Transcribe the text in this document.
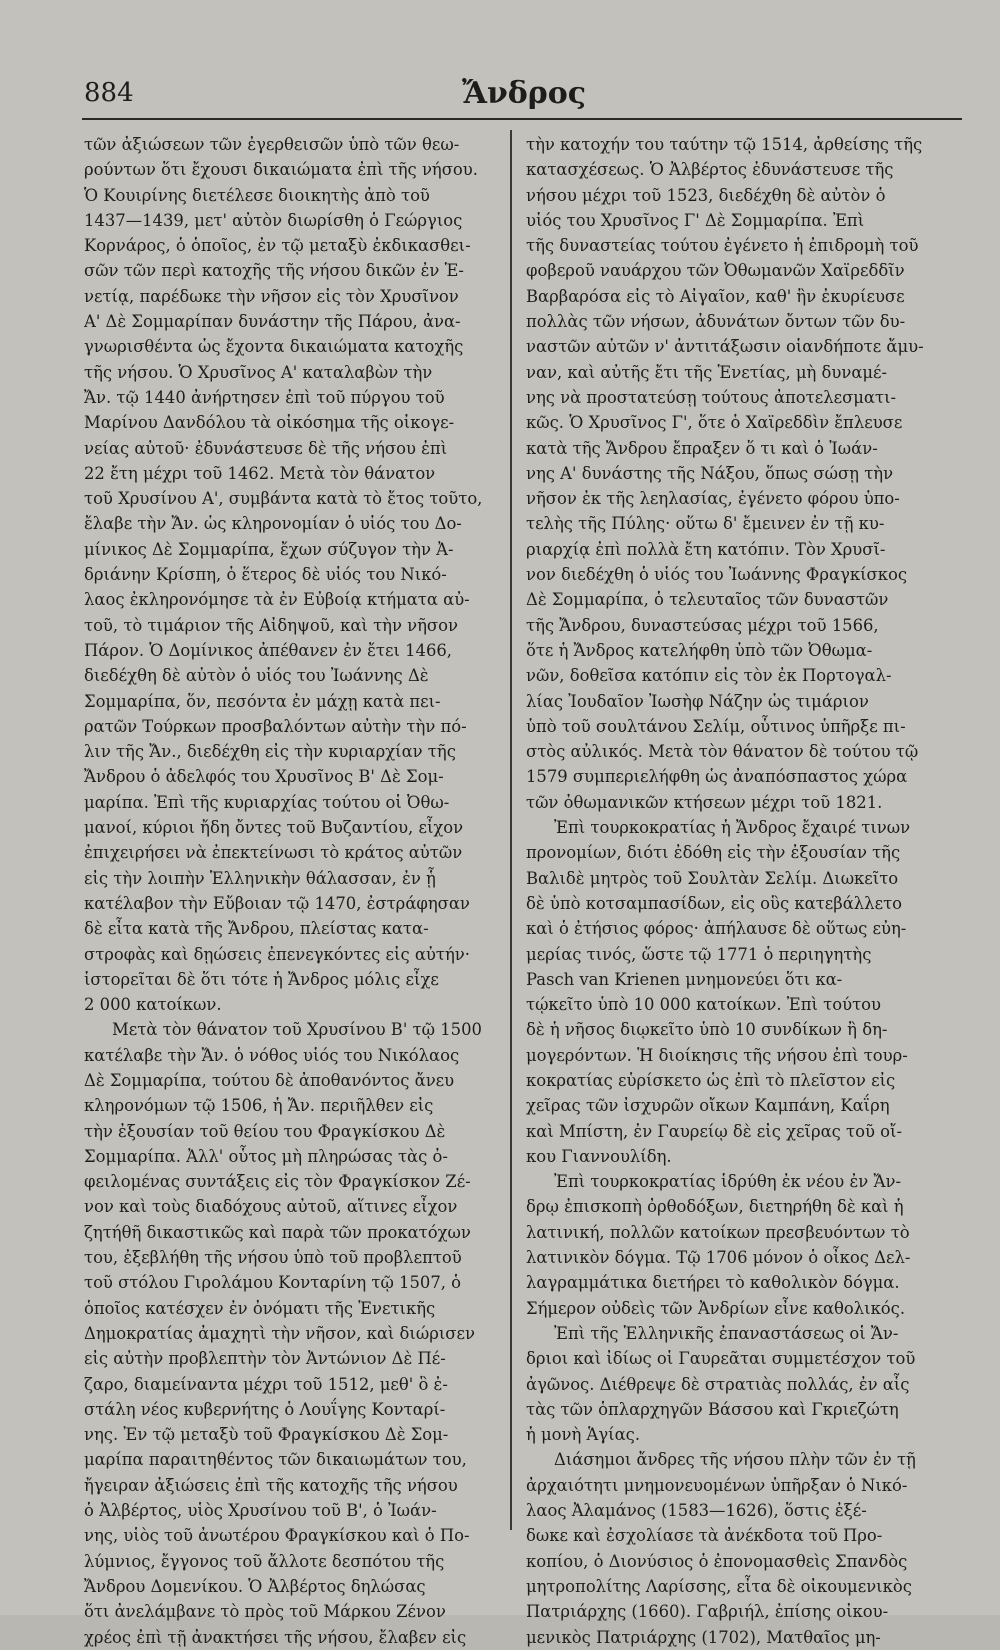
884	Ἄνδρος
τῶν ἀξιώσεων τῶν ἐγερθεισῶν ὑπὸ τῶν θεω-
ρούντων ὅτι ἔχουσι δικαιώματα ἐπὶ τῆς νήσου.
Ὁ Κουιρίνης διετέλεσε διοικητὴς ἀπὸ τοῦ
1437—1439, μετ' αὐτὸν διωρίσθη ὁ Γεώργιος
Κορνάρος, ὁ ὁποῖος, ἐν τῷ μεταξὺ ἐκδικασθει-
σῶν τῶν περὶ κατοχῆς τῆς νήσου δικῶν ἐν Ἑ-
νετίᾳ, παρέδωκε τὴν νῆσον εἰς τὸν Χρυσῖνον
Α' Δὲ Σομμαρίπαν δυνάστην τῆς Πάρου, ἀνα-
γνωρισθέντα ὡς ἔχοντα δικαιώματα κατοχῆς
τῆς νήσου. Ὁ Χρυσῖνος Α' καταλαβὼν τὴν
Ἄν. τῷ 1440 ἀνήρτησεν ἐπὶ τοῦ πύργου τοῦ
Μαρίνου Δανδόλου τὰ οἰκόσημα τῆς οἰκογε-
νείας αὐτοῦ· ἐδυνάστευσε δὲ τῆς νήσου ἐπὶ
22 ἔτη μέχρι τοῦ 1462. Μετὰ τὸν θάνατον
τοῦ Χρυσίνου Α', συμβάντα κατὰ τὸ ἔτος τοῦτο,
ἔλαβε τὴν Ἄν. ὡς κληρονομίαν ὁ υἱός του Δο-
μίνικος Δὲ Σομμαρίπα, ἔχων σύζυγον τὴν Ἀ-
δριάνην Κρίσπη, ὁ ἕτερος δὲ υἱός του Νικό-
λαος ἐκληρονόμησε τὰ ἐν Εὐβοίᾳ κτήματα αὐ-
τοῦ, τὸ τιμάριον τῆς Αἰδηψοῦ, καὶ τὴν νῆσον
Πάρον. Ὁ Δομίνικος ἀπέθανεν ἐν ἔτει 1466,
διεδέχθη δὲ αὐτὸν ὁ υἱός του Ἰωάννης Δὲ
Σομμαρίπα, ὅν, πεσόντα ἐν μάχῃ κατὰ πει-
ρατῶν Τούρκων προσβαλόντων αὐτὴν τὴν πό-
λιν τῆς Ἄν., διεδέχθη εἰς τὴν κυριαρχίαν τῆς
Ἄνδρου ὁ ἀδελφός του Χρυσῖνος Β' Δὲ Σομ-
μαρίπα. Ἐπὶ τῆς κυριαρχίας τούτου οἱ Ὀθω-
μανοί, κύριοι ἤδη ὄντες τοῦ Βυζαντίου, εἶχον
ἐπιχειρήσει νὰ ἐπεκτείνωσι τὸ κράτος αὐτῶν
εἰς τὴν λοιπὴν Ἑλληνικὴν θάλασσαν, ἐν ᾗ
κατέλαβον τὴν Εὔβοιαν τῷ 1470, ἐστράφησαν
δὲ εἶτα κατὰ τῆς Ἄνδρου, πλείστας κατα-
στροφὰς καὶ δῃώσεις ἐπενεγκόντες εἰς αὐτήν·
ἱστορεῖται δὲ ὅτι τότε ἡ Ἄνδρος μόλις εἶχε
2 000 κατοίκων.
Μετὰ τὸν θάνατον τοῦ Χρυσίνου Β' τῷ 1500
κατέλαβε τὴν Ἄν. ὁ νόθος υἱός του Νικόλαος
Δὲ Σομμαρίπα, τούτου δὲ ἀποθανόντος ἄνευ
κληρονόμων τῷ 1506, ἡ Ἄν. περιῆλθεν εἰς
τὴν ἐξουσίαν τοῦ θείου του Φραγκίσκου Δὲ
Σομμαρίπα. Ἀλλ' οὗτος μὴ πληρώσας τὰς ὀ-
φειλομένας συντάξεις εἰς τὸν Φραγκίσκον Ζέ-
νον καὶ τοὺς διαδόχους αὐτοῦ, αἵτινες εἶχον
ζητήθῆ δικαστικῶς καὶ παρὰ τῶν προκατόχων
του, ἐξεβλήθη τῆς νήσου ὑπὸ τοῦ προβλεπτοῦ
τοῦ στόλου Γιρολάμου Κονταρίνη τῷ 1507, ὁ
ὁποῖος κατέσχεν ἐν ὀνόματι τῆς Ἑνετικῆς
Δημοκρατίας ἀμαχητὶ τὴν νῆσον, καὶ διώρισεν
εἰς αὐτὴν προβλεπτὴν τὸν Ἀντώνιον Δὲ Πέ-
ζαρο, διαμείναντα μέχρι τοῦ 1512, μεθ' ὃ ἐ-
στάλη νέος κυβερνήτης ὁ Λουΐγης Κονταρί-
νης. Ἐν τῷ μεταξὺ τοῦ Φραγκίσκου Δὲ Σομ-
μαρίπα παραιτηθέντος τῶν δικαιωμάτων του,
ἤγειραν ἀξιώσεις ἐπὶ τῆς κατοχῆς τῆς νήσου
ὁ Ἀλβέρτος, υἱὸς Χρυσίνου τοῦ Β', ὁ Ἰωάν-
νης, υἱὸς τοῦ ἀνωτέρου Φραγκίσκου καὶ ὁ Πο-
λύμνιος, ἔγγονος τοῦ ἄλλοτε δεσπότου τῆς
Ἄνδρου Δομενίκου. Ὁ Ἀλβέρτος δηλώσας
ὅτι ἀνελάμβανε τὸ πρὸς τοῦ Μάρκου Ζένον
χρέος ἐπὶ τῇ ἀνακτήσει τῆς νήσου, ἔλαβεν εἰς
τὴν κατοχήν του ταύτην τῷ 1514, ἀρθείσης τῆς
κατασχέσεως. Ὁ Ἀλβέρτος ἐδυνάστευσε τῆς
νήσου μέχρι τοῦ 1523, διεδέχθη δὲ αὐτὸν ὁ
υἱός του Χρυσῖνος Γ' Δὲ Σομμαρίπα. Ἐπὶ
τῆς δυναστείας τούτου ἐγένετο ἡ ἐπιδρομὴ τοῦ
φοβεροῦ ναυάρχου τῶν Ὀθωμανῶν Χαϊρεδδῖν
Βαρβαρόσα εἰς τὸ Αἰγαῖον, καθ' ἣν ἐκυρίευσε
πολλὰς τῶν νήσων, ἀδυνάτων ὄντων τῶν δυ-
ναστῶν αὐτῶν ν' ἀντιτάξωσιν οἱανδήποτε ἄμυ-
ναν, καὶ αὐτῆς ἔτι τῆς Ἑνετίας, μὴ δυναμέ-
νης νὰ προστατεύσῃ τούτους ἀποτελεσματι-
κῶς. Ὁ Χρυσῖνος Γ', ὅτε ὁ Χαϊρεδδὶν ἔπλευσε
κατὰ τῆς Ἄνδρου ἔπραξεν ὅ τι καὶ ὁ Ἰωάν-
νης Α' δυνάστης τῆς Νάξου, ὅπως σώσῃ τὴν
νῆσον ἐκ τῆς λεηλασίας, ἐγένετο φόρου ὑπο-
τελὴς τῆς Πύλης· οὕτω δ' ἔμεινεν ἐν τῇ κυ-
ριαρχίᾳ ἐπὶ πολλὰ ἔτη κατόπιν. Τὸν Χρυσῖ-
νον διεδέχθη ὁ υἱός του Ἰωάννης Φραγκίσκος
Δὲ Σομμαρίπα, ὁ τελευταῖος τῶν δυναστῶν
τῆς Ἄνδρου, δυναστεύσας μέχρι τοῦ 1566,
ὅτε ἡ Ἄνδρος κατελήφθη ὑπὸ τῶν Ὀθωμα-
νῶν, δοθεῖσα κατόπιν εἰς τὸν ἐκ Πορτογαλ-
λίας Ἰουδαῖον Ἰωσὴφ Νάζην ὡς τιμάριον
ὑπὸ τοῦ σουλτάνου Σελίμ, οὗτινος ὑπῆρξε πι-
στὸς αὐλικός. Μετὰ τὸν θάνατον δὲ τούτου τῷ
1579 συμπεριελήφθη ὡς ἀναπόσπαστος χώρα
τῶν ὀθωμανικῶν κτήσεων μέχρι τοῦ 1821.
Ἐπὶ τουρκοκρατίας ἡ Ἄνδρος ἔχαιρέ τινων
προνομίων, διότι ἐδόθη εἰς τὴν ἐξουσίαν τῆς
Βαλιδὲ μητρὸς τοῦ Σουλτὰν Σελίμ. Διωκεῖτο
δὲ ὑπὸ κοτσαμπασίδων, εἰς οὓς κατεβάλλετο
καὶ ὁ ἐτήσιος φόρος· ἀπήλαυσε δὲ οὕτως εὐη-
μερίας τινός, ὥστε τῷ 1771 ὁ περιηγητὴς
Pasch van Krienen μνημονεύει ὅτι κα-
τῴκεῖτο ὑπὸ 10 000 κατοίκων. Ἐπὶ τούτου
δὲ ἡ νῆσος διῳκεῖτο ὑπὸ 10 συνδίκων ἢ δη-
μογερόντων. Ἡ διοίκησις τῆς νήσου ἐπὶ τουρ-
κοκρατίας εὑρίσκετο ὡς ἐπὶ τὸ πλεῖστον εἰς
χεῖρας τῶν ἰσχυρῶν οἴκων Καμπάνη, Καΐρη
καὶ Μπίστη, ἐν Γαυρείῳ δὲ εἰς χεῖρας τοῦ οἴ-
κου Γιαννουλίδη.
Ἐπὶ τουρκοκρατίας ἱδρύθη ἐκ νέου ἐν Ἄν-
δρῳ ἐπισκοπὴ ὀρθοδόξων, διετηρήθη δὲ καὶ ἡ
λατινική, πολλῶν κατοίκων πρεσβευόντων τὸ
λατινικὸν δόγμα. Τῷ 1706 μόνον ὁ οἶκος Δελ-
λαγραμμάτικα διετήρει τὸ καθολικὸν δόγμα.
Σήμερον οὐδεὶς τῶν Ἀνδρίων εἶνε καθολικός.
Ἐπὶ τῆς Ἑλληνικῆς ἐπαναστάσεως οἱ Ἄν-
δριοι καὶ ἰδίως οἱ Γαυρεᾶται συμμετέσχον τοῦ
ἀγῶνος. Διέθρεψε δὲ στρατιὰς πολλάς, ἐν αἷς
τὰς τῶν ὁπλαρχηγῶν Βάσσου καὶ Γκριεζώτη
ἡ μονὴ Ἁγίας.
Διάσημοι ἄνδρες τῆς νήσου πλὴν τῶν ἐν τῇ
ἀρχαιότητι μνημονευομένων ὑπῆρξαν ὁ Νικό-
λαος Ἀλαμάνος (1583—1626), ὅστις ἐξέ-
δωκε καὶ ἐσχολίασε τὰ ἀνέκδοτα τοῦ Προ-
κοπίου, ὁ Διονύσιος ὁ ἐπονομασθεὶς Σπανδὸς
μητροπολίτης Λαρίσσης, εἶτα δὲ οἰκουμενικὸς
Πατριάρχης (1660). Γαβριήλ, ἐπίσης οἰκου-
μενικὸς Πατριάρχης (1702), Ματθαῖος μη-
